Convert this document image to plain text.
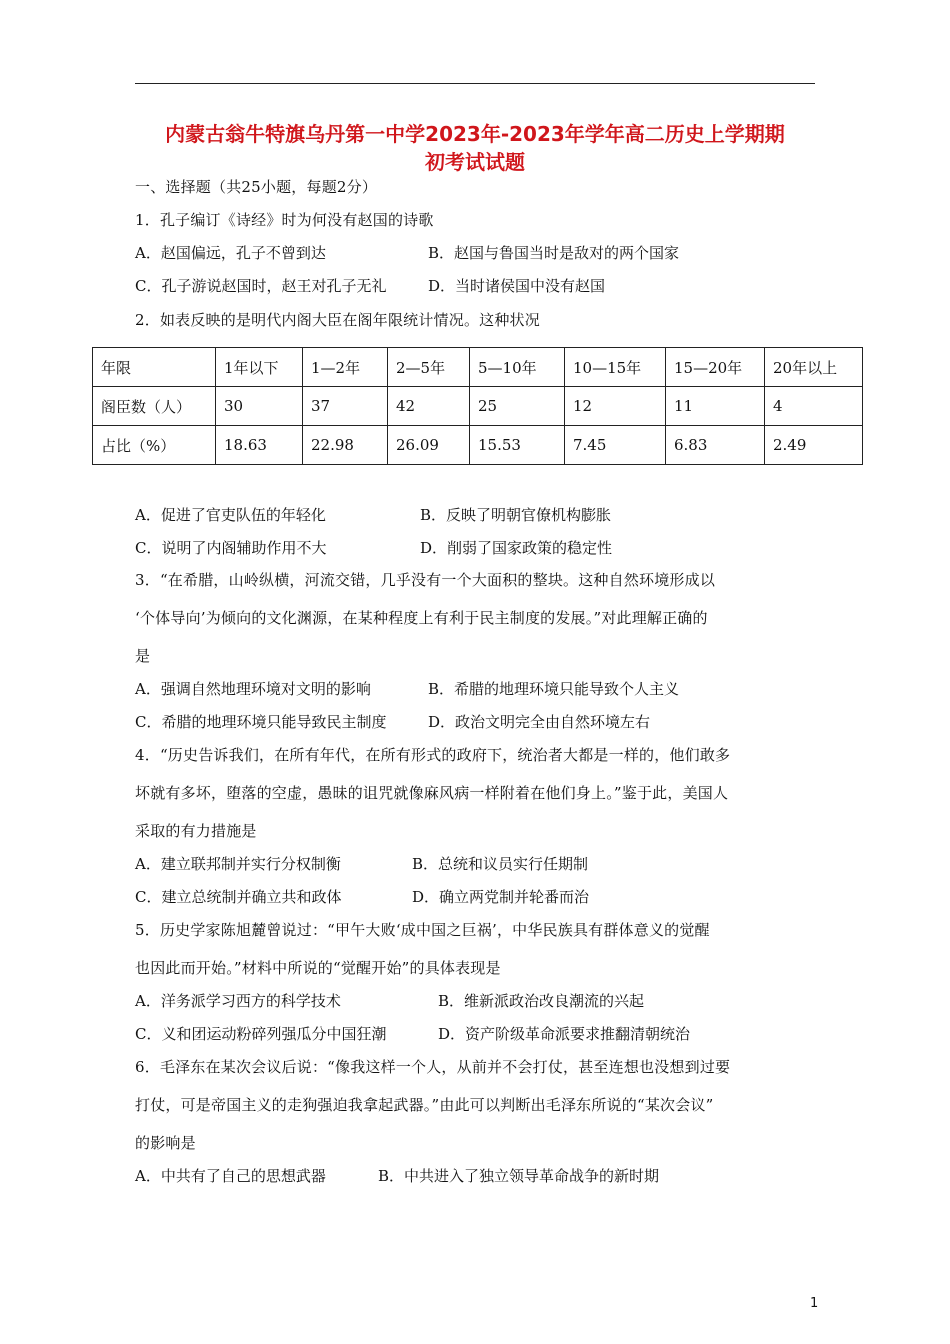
内蒙古翁牛特旗乌丹第一中学2023年-2023年学年高二历史上学期期
初考试试题
一、选择题（共25小题，每题2分）
1．孔子编订《诗经》时为何没有赵国的诗歌
A．赵国偏远，孔子不曾到达	B．赵国与鲁国当时是敌对的两个国家
C．孔子游说赵国时，赵王对孔子无礼	D．当时诸侯国中没有赵国
2．如表反映的是明代内阁大臣在阁年限统计情况。这种状况
年限	1年以下	1—2年	2—5年	5—10年	10—15年	15—20年	20年以上
阁臣数（人）	30	37	42	25	12	11	4
占比（%）	18.63	22.98	26.09	15.53	7.45	6.83	2.49
A．促进了官吏队伍的年轻化	B．反映了明朝官僚机构膨胀
C．说明了内阁辅助作用不大	D．削弱了国家政策的稳定性
3．“在希腊，山岭纵横，河流交错，几乎没有一个大面积的整块。这种自然环境形成以
‘个体导向’为倾向的文化渊源，在某种程度上有利于民主制度的发展。”对此理解正确的
是
A．强调自然地理环境对文明的影响	B．希腊的地理环境只能导致个人主义
C．希腊的地理环境只能导致民主制度	D．政治文明完全由自然环境左右
4．“历史告诉我们，在所有年代，在所有形式的政府下，统治者大都是一样的，他们敢多
坏就有多坏，堕落的空虚，愚昧的诅咒就像麻风病一样附着在他们身上。”鉴于此，美国人
采取的有力措施是
A．建立联邦制并实行分权制衡	B．总统和议员实行任期制
C．建立总统制并确立共和政体	D．确立两党制并轮番而治
5．历史学家陈旭麓曾说过：“甲午大败‘成中国之巨祸’，中华民族具有群体意义的觉醒
也因此而开始。”材料中所说的“觉醒开始”的具体表现是
A．洋务派学习西方的科学技术	B．维新派政治改良潮流的兴起
C．义和团运动粉碎列强瓜分中国狂潮	D．资产阶级革命派要求推翻清朝统治
6．毛泽东在某次会议后说：“像我这样一个人，从前并不会打仗，甚至连想也没想到过要
打仗，可是帝国主义的走狗强迫我拿起武器。”由此可以判断出毛泽东所说的“某次会议”
的影响是
A．中共有了自己的思想武器	B．中共进入了独立领导革命战争的新时期
1
